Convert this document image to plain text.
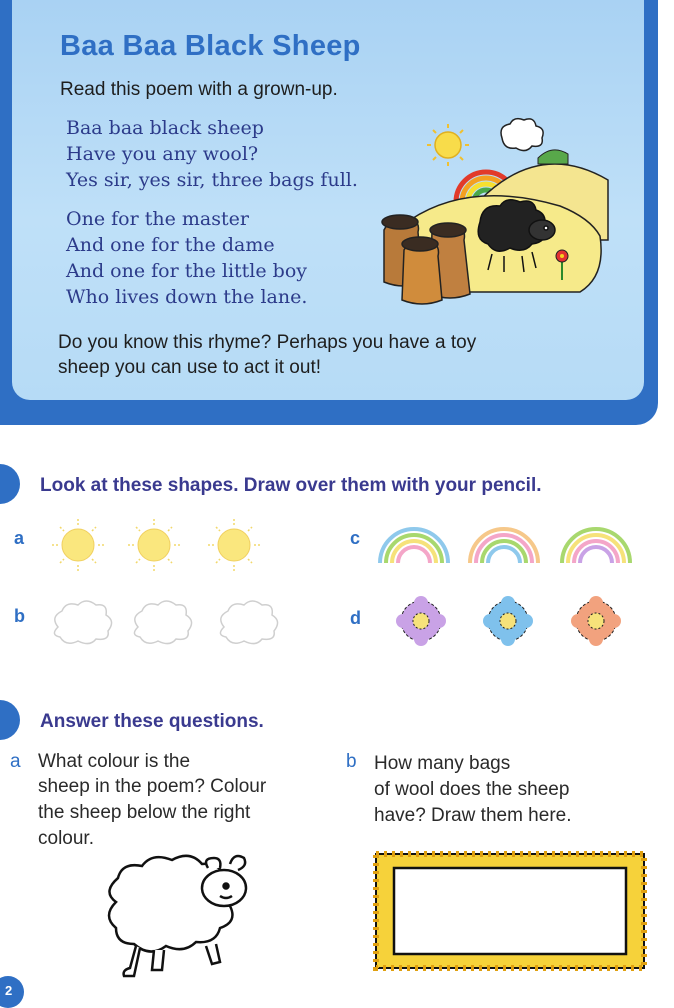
Baa Baa Black Sheep
Read this poem with a grown-up.
Baa baa black sheep
Have you any wool?
Yes sir, yes sir, three bags full.
One for the master
And one for the dame
And one for the little boy
Who lives down the lane.
Do you know this rhyme? Perhaps you have a toy
sheep you can use to act it out!
Look at these shapes. Draw over them with your pencil.
a
b
c
d
Answer these questions.
a What colour is the
sheep in the poem? Colour
the sheep below the right
colour.
b How many bags
of wool does the sheep
have? Draw them here.
2
